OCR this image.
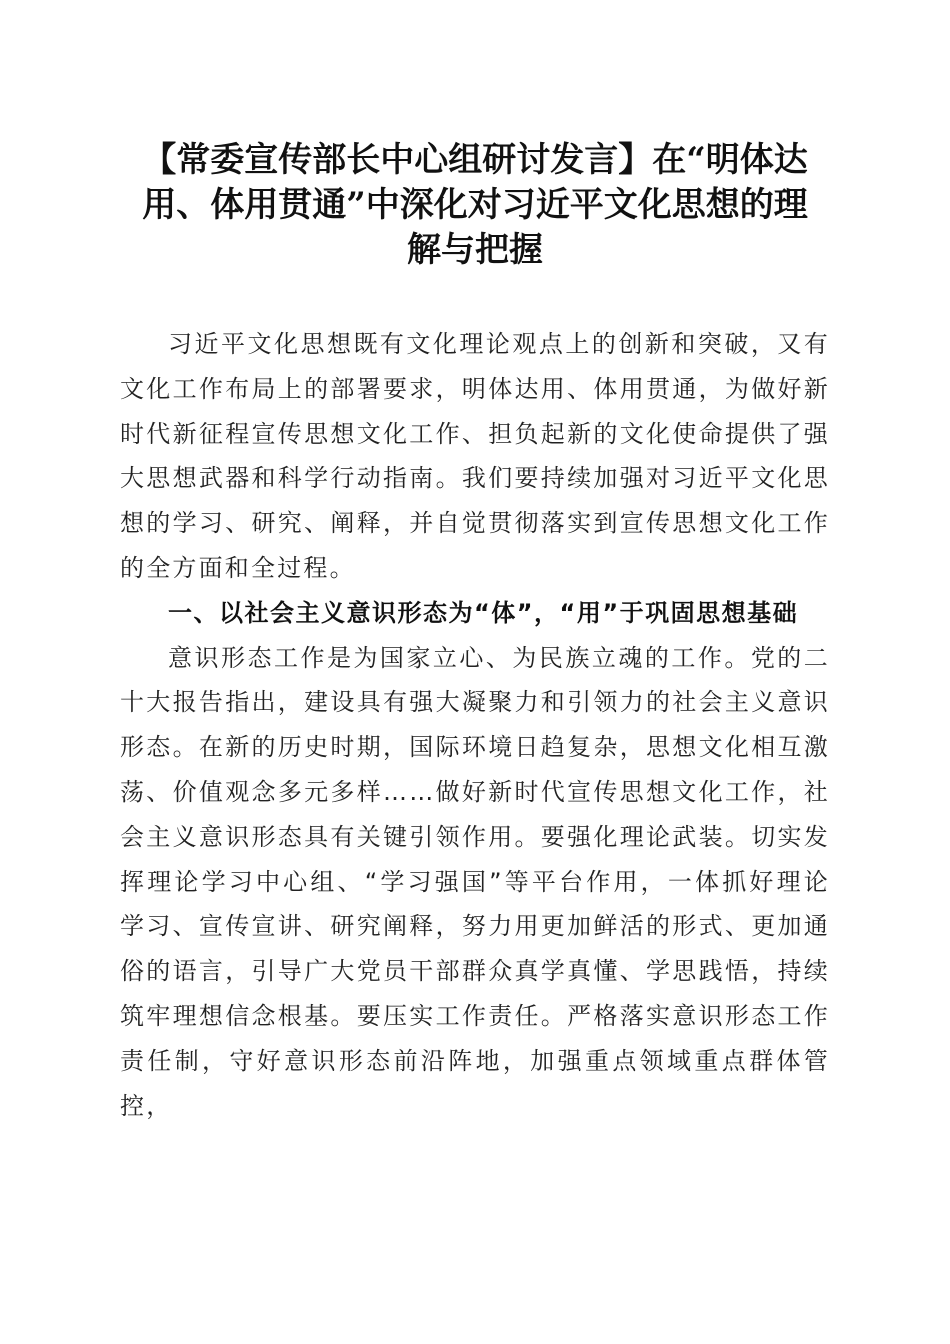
【常委宣传部长中心组研讨发言】在“明体达
用、体用贯通”中深化对习近平文化思想的理
解与把握

习近平文化思想既有文化理论观点上的创新和突破，又有文化工作布局上的部署要求，明体达用、体用贯通，为做好新时代新征程宣传思想文化工作、担负起新的文化使命提供了强大思想武器和科学行动指南。我们要持续加强对习近平文化思想的学习、研究、阐释，并自觉贯彻落实到宣传思想文化工作的全方面和全过程。

一、以社会主义意识形态为“体”，“用”于巩固思想基础

意识形态工作是为国家立心、为民族立魂的工作。党的二十大报告指出，建设具有强大凝聚力和引领力的社会主义意识形态。在新的历史时期，国际环境日趋复杂，思想文化相互激荡、价值观念多元多样……做好新时代宣传思想文化工作，社会主义意识形态具有关键引领作用。要强化理论武装。切实发挥理论学习中心组、“学习强国”等平台作用，一体抓好理论学习、宣传宣讲、研究阐释，努力用更加鲜活的形式、更加通俗的语言，引导广大党员干部群众真学真懂、学思践悟，持续筑牢理想信念根基。要压实工作责任。严格落实意识形态工作责任制，守好意识形态前沿阵地，加强重点领域重点群体管控，
